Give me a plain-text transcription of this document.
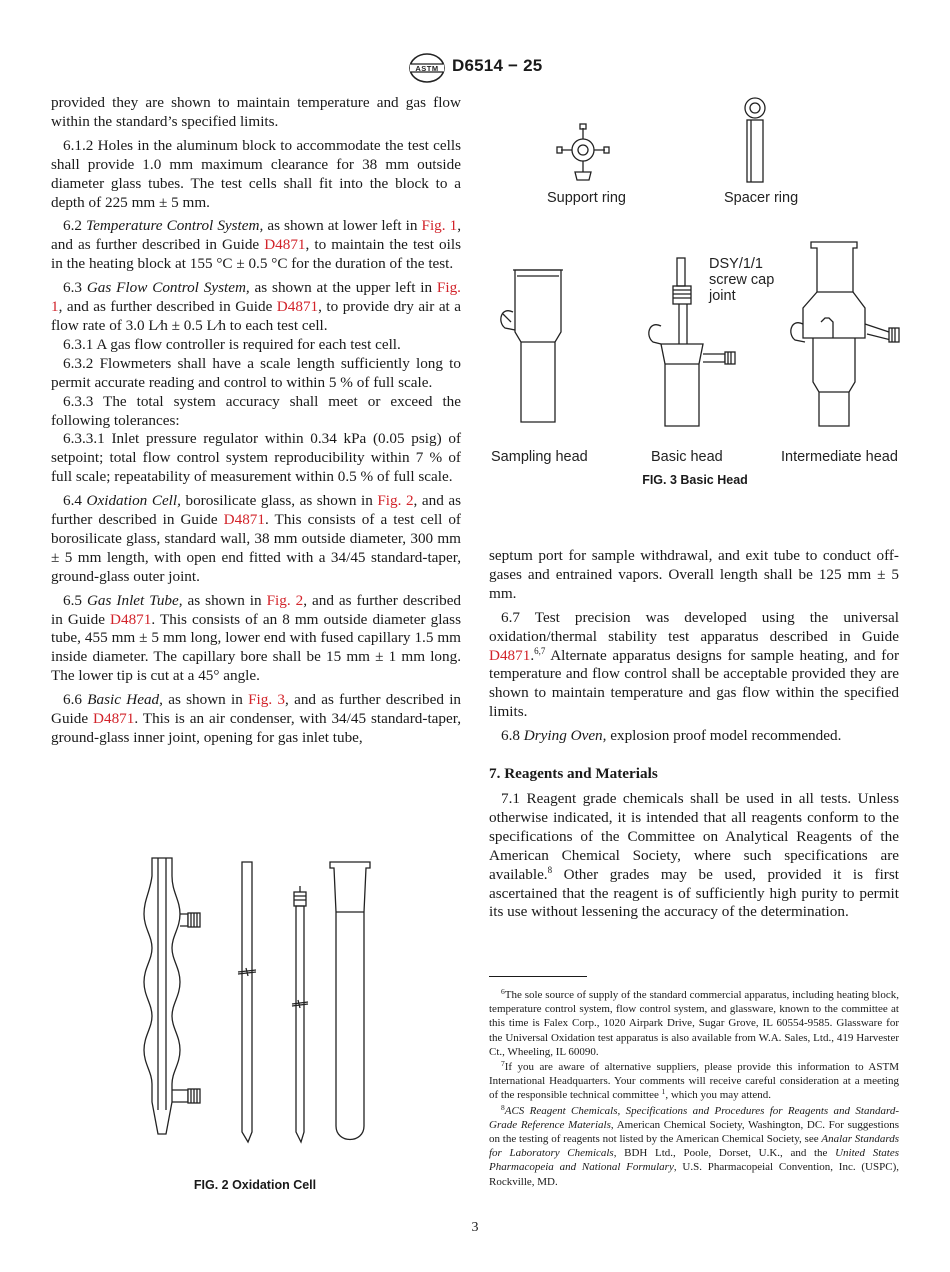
ASTM D6514 − 25

provided they are shown to maintain temperature and gas flow within the standard’s specified limits.

6.1.2 Holes in the aluminum block to accommodate the test cells shall provide 1.0 mm maximum clearance for 38 mm outside diameter glass tubes. The test cells shall fit into the block to a depth of 225 mm ± 5 mm.

6.2 Temperature Control System, as shown at lower left in Fig. 1, and as further described in Guide D4871, to maintain the test oils in the heating block at 155 °C ± 0.5 °C for the duration of the test.

6.3 Gas Flow Control System, as shown at the upper left in Fig. 1, and as further described in Guide D4871, to provide dry air at a flow rate of 3.0 L⁄h ± 0.5 L⁄h to each test cell.

6.3.1 A gas flow controller is required for each test cell.

6.3.2 Flowmeters shall have a scale length sufficiently long to permit accurate reading and control to within 5 % of full scale.

6.3.3 The total system accuracy shall meet or exceed the following tolerances:

6.3.3.1 Inlet pressure regulator within 0.34 kPa (0.05 psig) of setpoint; total flow control system reproducibility within 7 % of full scale; repeatability of measurement within 0.5 % of full scale.

6.4 Oxidation Cell, borosilicate glass, as shown in Fig. 2, and as further described in Guide D4871. This consists of a test cell of borosilicate glass, standard wall, 38 mm outside diameter, 300 mm ± 5 mm length, with open end fitted with a 34/45 standard-taper, ground-glass outer joint.

6.5 Gas Inlet Tube, as shown in Fig. 2, and as further described in Guide D4871. This consists of an 8 mm outside diameter glass tube, 455 mm ± 5 mm long, lower end with fused capillary 1.5 mm inside diameter. The capillary bore shall be 15 mm ± 1 mm long. The lower tip is cut at a 45° angle.

6.6 Basic Head, as shown in Fig. 3, and as further described in Guide D4871. This is an air condenser, with 34/45 standard-taper, ground-glass inner joint, opening for gas inlet tube,

FIG. 2 Oxidation Cell
Support ring	Spacer ring
DSY/1/1
screw cap
joint
Sampling head	Basic head	Intermediate head
FIG. 3 Basic Head

septum port for sample withdrawal, and exit tube to conduct off-gases and entrained vapors. Overall length shall be 125 mm ± 5 mm.

6.7 Test precision was developed using the universal oxidation/thermal stability test apparatus described in Guide D4871.$^{6,7}$ Alternate apparatus designs for sample heating, and for temperature and flow control shall be acceptable provided they are shown to maintain temperature and gas flow within the specified limits.

6.8 Drying Oven, explosion proof model recommended.

7. Reagents and Materials

7.1 Reagent grade chemicals shall be used in all tests. Unless otherwise indicated, it is intended that all reagents conform to the specifications of the Committee on Analytical Reagents of the American Chemical Society, where such specifications are available.$^8$ Other grades may be used, provided it is first ascertained that the reagent is of sufficiently high purity to permit its use without lessening the accuracy of the determination.

$^6$The sole source of supply of the standard commercial apparatus, including heating block, temperature control system, flow control system, and glassware, known to the committee at this time is Falex Corp., 1020 Airpark Drive, Sugar Grove, IL 60554-9585. Glassware for the Universal Oxidation test apparatus is also available from W.A. Sales, Ltd., 419 Harvester Ct., Wheeling, IL 60090.

$^7$If you are aware of alternative suppliers, please provide this information to ASTM International Headquarters. Your comments will receive careful consideration at a meeting of the responsible technical committee $^1$, which you may attend.

$^8$ACS Reagent Chemicals, Specifications and Procedures for Reagents and Standard-Grade Reference Materials, American Chemical Society, Washington, DC. For suggestions on the testing of reagents not listed by the American Chemical Society, see Analar Standards for Laboratory Chemicals, BDH Ltd., Poole, Dorset, U.K., and the United States Pharmacopeia and National Formulary, U.S. Pharmacopeial Convention, Inc. (USPC), Rockville, MD.

3
